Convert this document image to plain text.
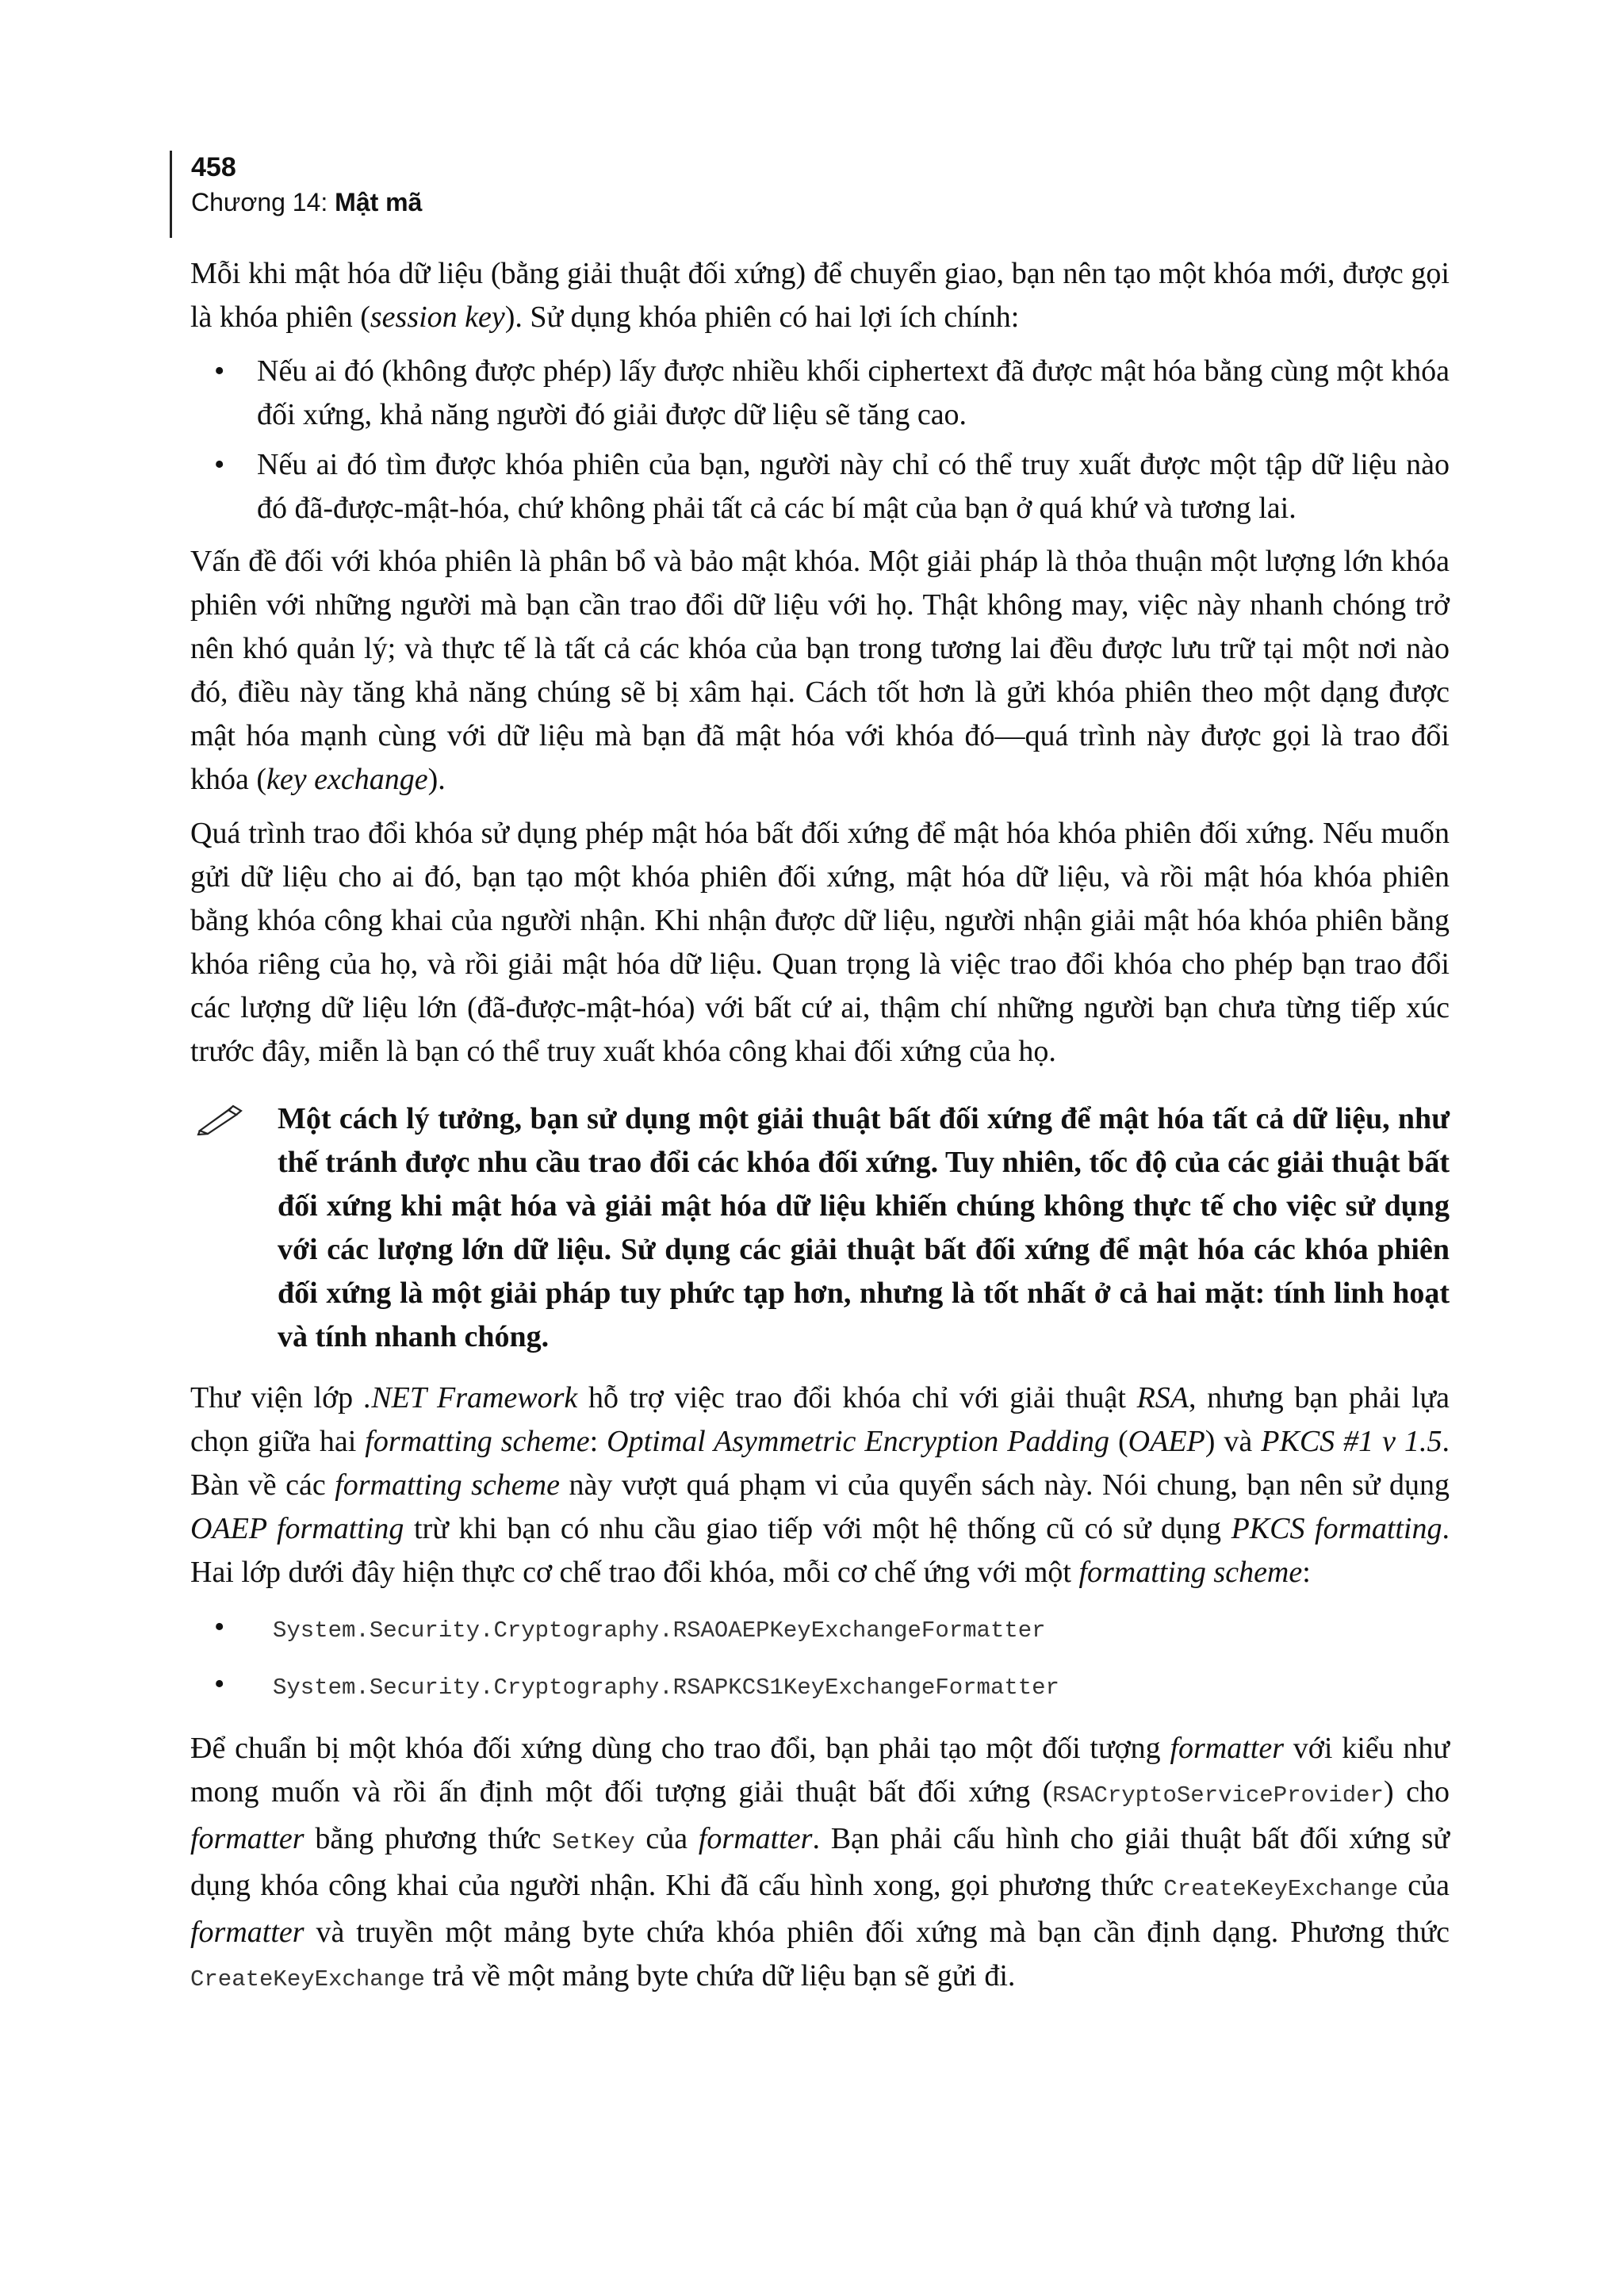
458
Chương 14: Mật mã

Mỗi khi mật hóa dữ liệu (bằng giải thuật đối xứng) để chuyển giao, bạn nên tạo một khóa mới, được gọi là khóa phiên (session key). Sử dụng khóa phiên có hai lợi ích chính:

• Nếu ai đó (không được phép) lấy được nhiều khối ciphertext đã được mật hóa bằng cùng một khóa đối xứng, khả năng người đó giải được dữ liệu sẽ tăng cao.
• Nếu ai đó tìm được khóa phiên của bạn, người này chỉ có thể truy xuất được một tập dữ liệu nào đó đã-được-mật-hóa, chứ không phải tất cả các bí mật của bạn ở quá khứ và tương lai.

Vấn đề đối với khóa phiên là phân bổ và bảo mật khóa. Một giải pháp là thỏa thuận một lượng lớn khóa phiên với những người mà bạn cần trao đổi dữ liệu với họ. Thật không may, việc này nhanh chóng trở nên khó quản lý; và thực tế là tất cả các khóa của bạn trong tương lai đều được lưu trữ tại một nơi nào đó, điều này tăng khả năng chúng sẽ bị xâm hại. Cách tốt hơn là gửi khóa phiên theo một dạng được mật hóa mạnh cùng với dữ liệu mà bạn đã mật hóa với khóa đó—quá trình này được gọi là trao đổi khóa (key exchange).

Quá trình trao đổi khóa sử dụng phép mật hóa bất đối xứng để mật hóa khóa phiên đối xứng. Nếu muốn gửi dữ liệu cho ai đó, bạn tạo một khóa phiên đối xứng, mật hóa dữ liệu, và rồi mật hóa khóa phiên bằng khóa công khai của người nhận. Khi nhận được dữ liệu, người nhận giải mật hóa khóa phiên bằng khóa riêng của họ, và rồi giải mật hóa dữ liệu. Quan trọng là việc trao đổi khóa cho phép bạn trao đổi các lượng dữ liệu lớn (đã-được-mật-hóa) với bất cứ ai, thậm chí những người bạn chưa từng tiếp xúc trước đây, miễn là bạn có thể truy xuất khóa công khai đối xứng của họ.

Một cách lý tưởng, bạn sử dụng một giải thuật bất đối xứng để mật hóa tất cả dữ liệu, như thế tránh được nhu cầu trao đổi các khóa đối xứng. Tuy nhiên, tốc độ của các giải thuật bất đối xứng khi mật hóa và giải mật hóa dữ liệu khiến chúng không thực tế cho việc sử dụng với các lượng lớn dữ liệu. Sử dụng các giải thuật bất đối xứng để mật hóa các khóa phiên đối xứng là một giải pháp tuy phức tạp hơn, nhưng là tốt nhất ở cả hai mặt: tính linh hoạt và tính nhanh chóng.

Thư viện lớp .NET Framework hỗ trợ việc trao đổi khóa chỉ với giải thuật RSA, nhưng bạn phải lựa chọn giữa hai formatting scheme: Optimal Asymmetric Encryption Padding (OAEP) và PKCS #1 v 1.5. Bàn về các formatting scheme này vượt quá phạm vi của quyển sách này. Nói chung, bạn nên sử dụng OAEP formatting trừ khi bạn có nhu cầu giao tiếp với một hệ thống cũ có sử dụng PKCS formatting. Hai lớp dưới đây hiện thực cơ chế trao đổi khóa, mỗi cơ chế ứng với một formatting scheme:

• System.Security.Cryptography.RSAOAEPKeyExchangeFormatter
• System.Security.Cryptography.RSAPKCS1KeyExchangeFormatter

Để chuẩn bị một khóa đối xứng dùng cho trao đổi, bạn phải tạo một đối tượng formatter với kiểu như mong muốn và rồi ấn định một đối tượng giải thuật bất đối xứng (RSACryptoServiceProvider) cho formatter bằng phương thức SetKey của formatter. Bạn phải cấu hình cho giải thuật bất đối xứng sử dụng khóa công khai của người nhận. Khi đã cấu hình xong, gọi phương thức CreateKeyExchange của formatter và truyền một mảng byte chứa khóa phiên đối xứng mà bạn cần định dạng. Phương thức CreateKeyExchange trả về một mảng byte chứa dữ liệu bạn sẽ gửi đi.
